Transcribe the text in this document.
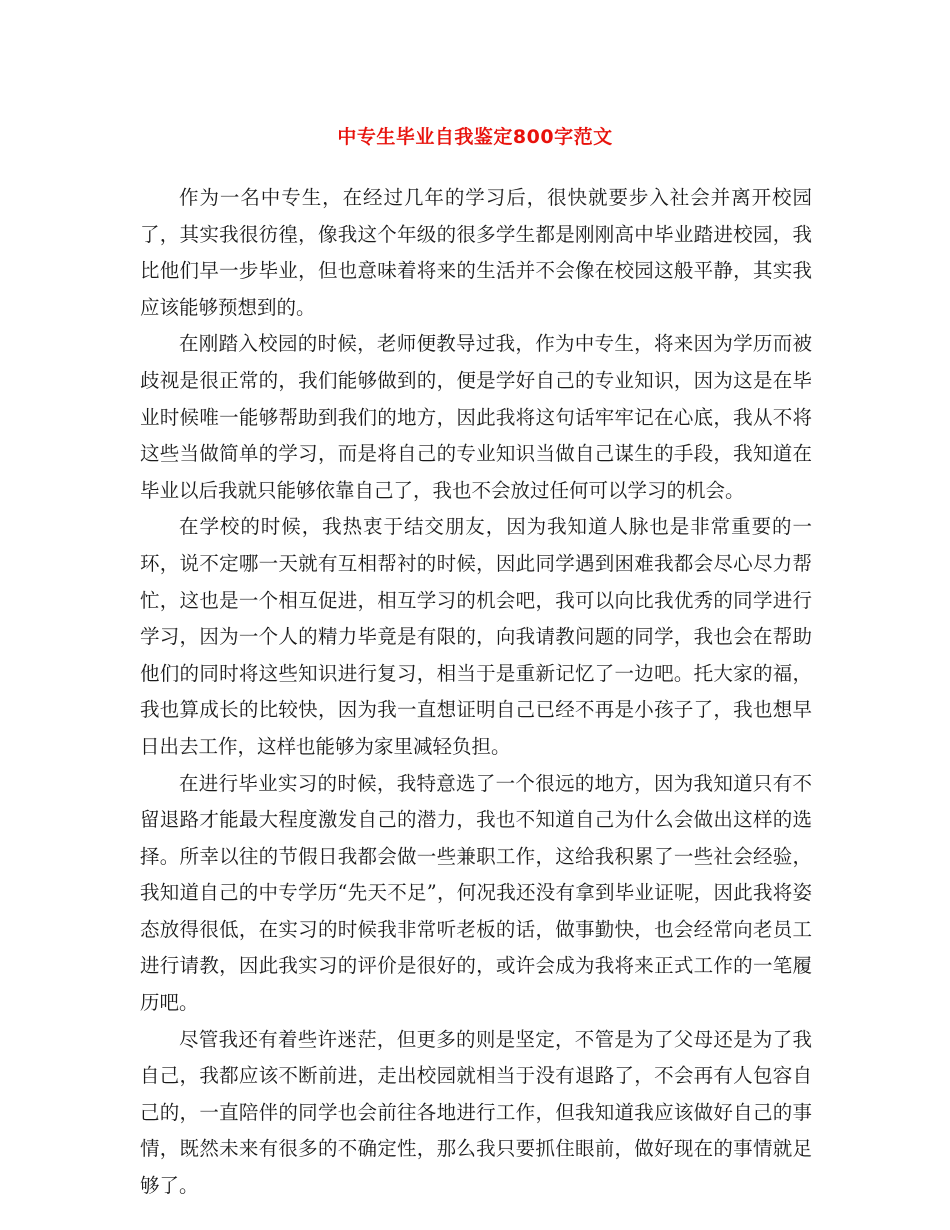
中专生毕业自我鉴定800字范文

作为一名中专生，在经过几年的学习后，很快就要步入社会并离开校园了，其实我很彷徨，像我这个年级的很多学生都是刚刚高中毕业踏进校园，我比他们早一步毕业，但也意味着将来的生活并不会像在校园这般平静，其实我应该能够预想到的。

在刚踏入校园的时候，老师便教导过我，作为中专生，将来因为学历而被歧视是很正常的，我们能够做到的，便是学好自己的专业知识，因为这是在毕业时候唯一能够帮助到我们的地方，因此我将这句话牢牢记在心底，我从不将这些当做简单的学习，而是将自己的专业知识当做自己谋生的手段，我知道在毕业以后我就只能够依靠自己了，我也不会放过任何可以学习的机会。

在学校的时候，我热衷于结交朋友，因为我知道人脉也是非常重要的一环，说不定哪一天就有互相帮衬的时候，因此同学遇到困难我都会尽心尽力帮忙，这也是一个相互促进，相互学习的机会吧，我可以向比我优秀的同学进行学习，因为一个人的精力毕竟是有限的，向我请教问题的同学，我也会在帮助他们的同时将这些知识进行复习，相当于是重新记忆了一边吧。托大家的福，我也算成长的比较快，因为我一直想证明自己已经不再是小孩子了，我也想早日出去工作，这样也能够为家里减轻负担。

在进行毕业实习的时候，我特意选了一个很远的地方，因为我知道只有不留退路才能最大程度激发自己的潜力，我也不知道自己为什么会做出这样的选择。所幸以往的节假日我都会做一些兼职工作，这给我积累了一些社会经验，我知道自己的中专学历“先天不足”，何况我还没有拿到毕业证呢，因此我将姿态放得很低，在实习的时候我非常听老板的话，做事勤快，也会经常向老员工进行请教，因此我实习的评价是很好的，或许会成为我将来正式工作的一笔履历吧。

尽管我还有着些许迷茫，但更多的则是坚定，不管是为了父母还是为了我自己，我都应该不断前进，走出校园就相当于没有退路了，不会再有人包容自己的，一直陪伴的同学也会前往各地进行工作，但我知道我应该做好自己的事情，既然未来有很多的不确定性，那么我只要抓住眼前，做好现在的事情就足够了。
